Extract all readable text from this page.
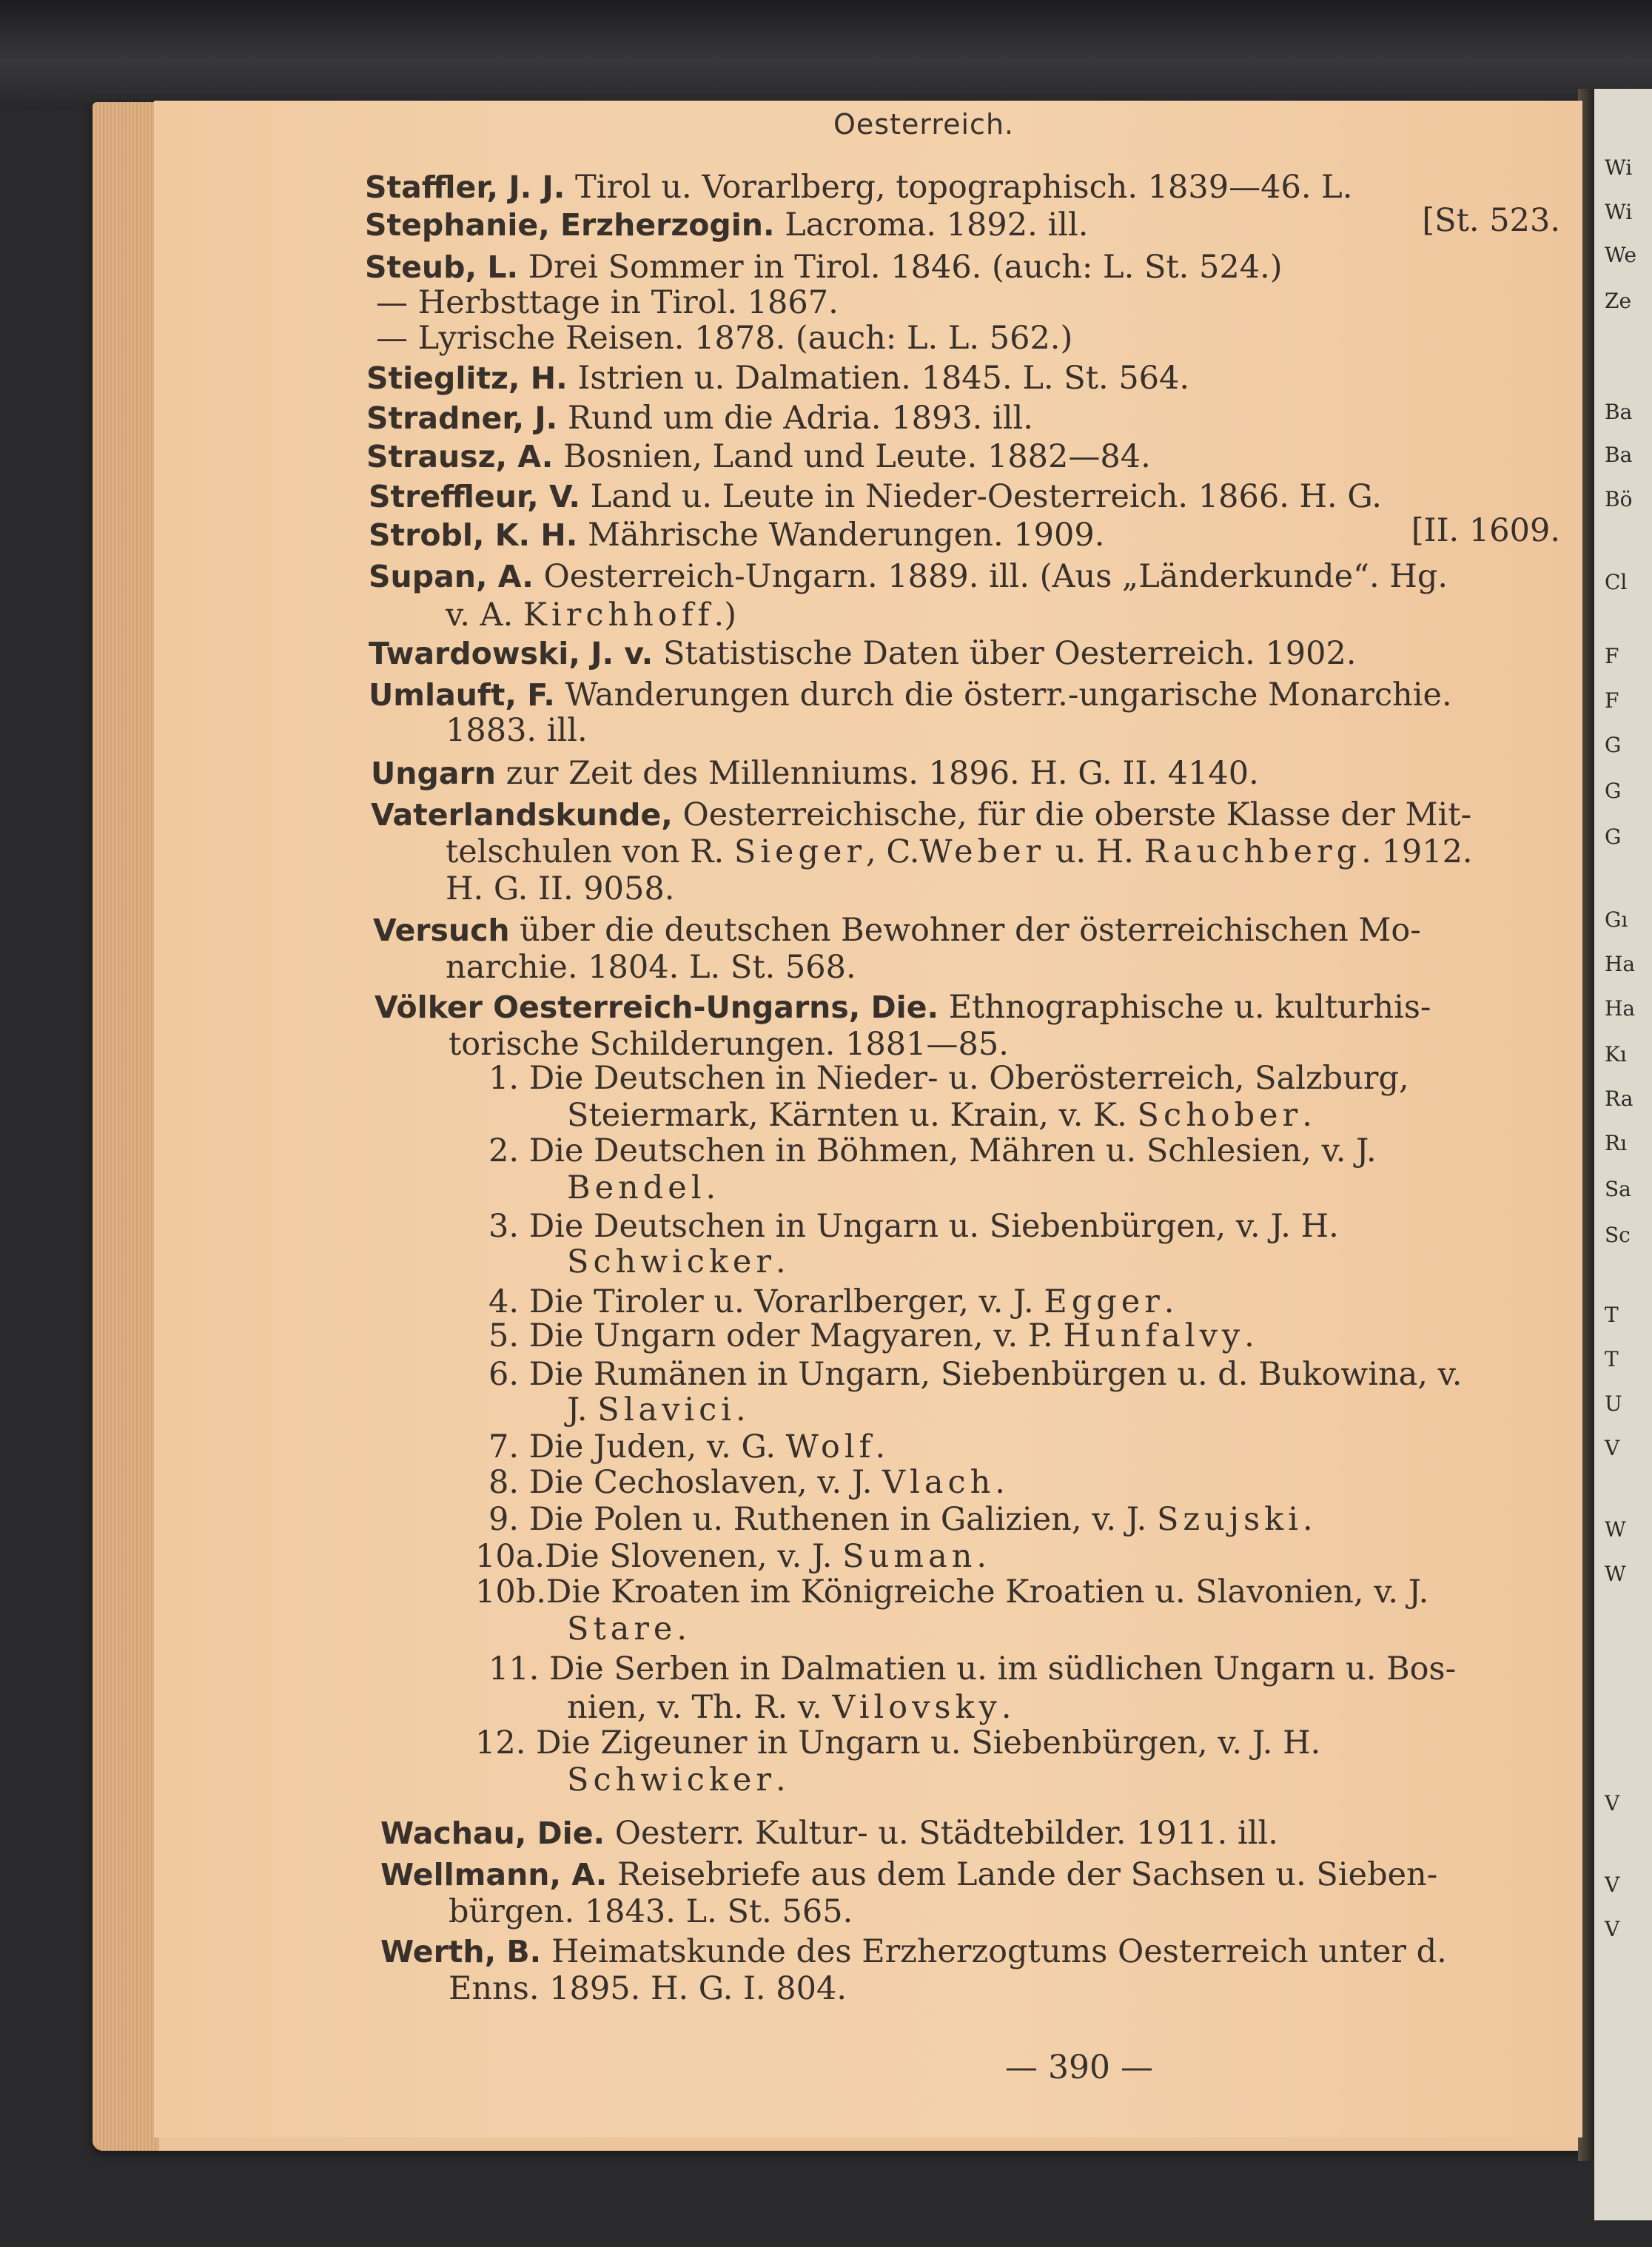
Wi
Wi
We
Ze
Ba
Ba
Bö
Cl
F
F
G
G
G
Gı
Ha
Ha
Kı
Ra
Rı
Sa
Sc
T
T
U
V
W
W
V
V
V
Oesterreich.
Staffler, J. J. Tirol u. Vorarlberg, topographisch. 1839—46. L.
Stephanie, Erzherzogin. Lacroma. 1892. ill.	[St. 523.
Steub, L. Drei Sommer in Tirol. 1846. (auch: L. St. 524.)
— Herbsttage in Tirol. 1867.
— Lyrische Reisen. 1878. (auch: L. L. 562.)
Stieglitz, H. Istrien u. Dalmatien. 1845. L. St. 564.
Stradner, J. Rund um die Adria. 1893. ill.
Strausz, A. Bosnien, Land und Leute. 1882—84.
Streffleur, V. Land u. Leute in Nieder-Oesterreich. 1866. H. G.
Strobl, K. H. Mährische Wanderungen. 1909.	[II. 1609.
Supan, A. Oesterreich-Ungarn. 1889. ill. (Aus „Länderkunde“. Hg.
v. A. Kirchhoff.)
Twardowski, J. v. Statistische Daten über Oesterreich. 1902.
Umlauft, F. Wanderungen durch die österr.-ungarische Monarchie.
1883. ill.
Ungarn zur Zeit des Millenniums. 1896. H. G. II. 4140.
Vaterlandskunde, Oesterreichische, für die oberste Klasse der Mit-
telschulen von R. Sieger, C.Weber u. H. Rauchberg. 1912.
H. G. II. 9058.
Versuch über die deutschen Bewohner der österreichischen Mo-
narchie. 1804. L. St. 568.
Völker Oesterreich-Ungarns, Die. Ethnographische u. kulturhis-
torische Schilderungen. 1881—85.
1. Die Deutschen in Nieder- u. Oberösterreich, Salzburg,
Steiermark, Kärnten u. Krain, v. K. Schober.
2. Die Deutschen in Böhmen, Mähren u. Schlesien, v. J.
Bendel.
3. Die Deutschen in Ungarn u. Siebenbürgen, v. J. H.
Schwicker.
4. Die Tiroler u. Vorarlberger, v. J. Egger.
5. Die Ungarn oder Magyaren, v. P. Hunfalvy.
6. Die Rumänen in Ungarn, Siebenbürgen u. d. Bukowina, v.
J. Slavici.
7. Die Juden, v. G. Wolf.
8. Die Cechoslaven, v. J. Vlach.
9. Die Polen u. Ruthenen in Galizien, v. J. Szujski.
10a.Die Slovenen, v. J. Suman.
10b.Die Kroaten im Königreiche Kroatien u. Slavonien, v. J.
Stare.
11. Die Serben in Dalmatien u. im südlichen Ungarn u. Bos-
nien, v. Th. R. v. Vilovsky.
12. Die Zigeuner in Ungarn u. Siebenbürgen, v. J. H.
Schwicker.
Wachau, Die. Oesterr. Kultur- u. Städtebilder. 1911. ill.
Wellmann, A. Reisebriefe aus dem Lande der Sachsen u. Sieben-
bürgen. 1843. L. St. 565.
Werth, B. Heimatskunde des Erzherzogtums Oesterreich unter d.
Enns. 1895. H. G. I. 804.
— 390 —
